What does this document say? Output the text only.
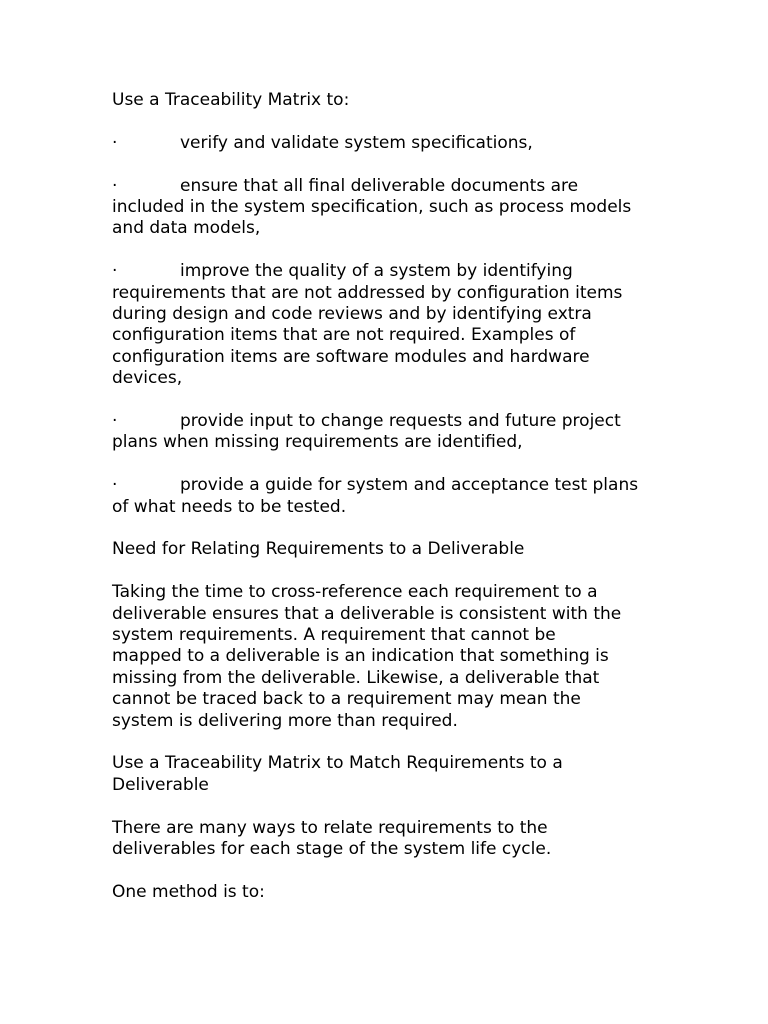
Use a Traceability Matrix to:

·	verify and validate system specifications,
·	ensure that all final deliverable documents are
included in the system specification, such as process models
and data models,
·	improve the quality of a system by identifying
requirements that are not addressed by configuration items
during design and code reviews and by identifying extra
configuration items that are not required. Examples of
configuration items are software modules and hardware
devices,
·	provide input to change requests and future project
plans when missing requirements are identified,
·	provide a guide for system and acceptance test plans
of what needs to be tested.

Need for Relating Requirements to a Deliverable

Taking the time to cross-reference each requirement to a
deliverable ensures that a deliverable is consistent with the
system requirements. A requirement that cannot be
mapped to a deliverable is an indication that something is
missing from the deliverable. Likewise, a deliverable that
cannot be traced back to a requirement may mean the
system is delivering more than required.
Use a Traceability Matrix to Match Requirements to a
Deliverable
There are many ways to relate requirements to the
deliverables for each stage of the system life cycle.

One method is to:
